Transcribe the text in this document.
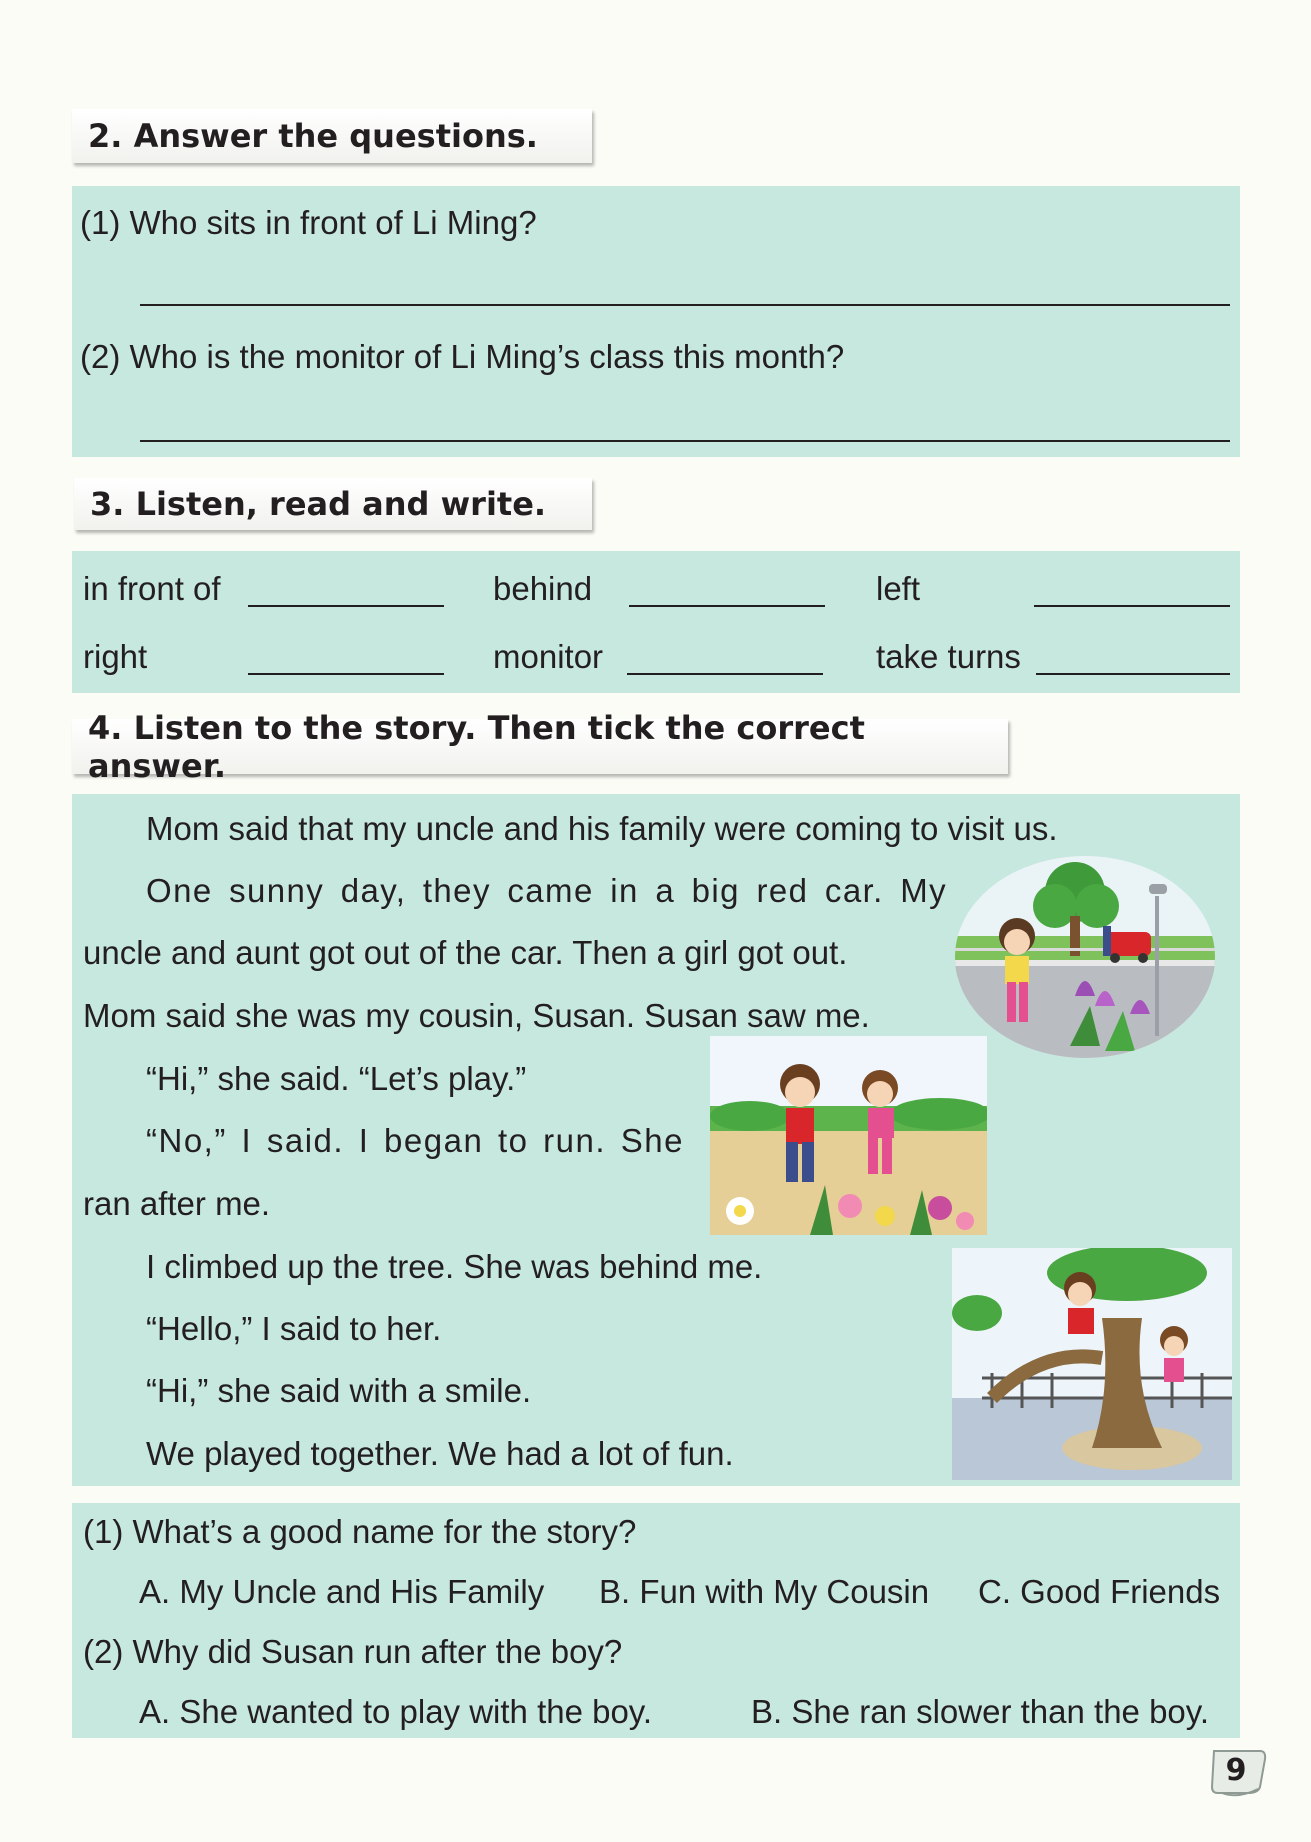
2. Answer the questions.
(1) Who sits in front of Li Ming?
(2) Who is the monitor of Li Ming’s class this month?
3. Listen, read and write.
in front of	behind	left
right	monitor	take turns
4. Listen to the story. Then tick the correct answer.
Mom said that my uncle and his family were coming to visit us.
One sunny day, they came in a big red car. My
uncle and aunt got out of the car. Then a girl got out.
Mom said she was my cousin, Susan. Susan saw me.
“Hi,” she said. “Let’s play.”
“No,” I said. I began to run. She
ran after me.
I climbed up the tree. She was behind me.
“Hello,” I said to her.
“Hi,” she said with a smile.
We played together. We had a lot of fun.
(1) What’s a good name for the story?
A. My Uncle and His Family B. Fun with My Cousin C. Good Friends
(2) Why did Susan run after the boy?
A. She wanted to play with the boy.	B. She ran slower than the boy.
9
